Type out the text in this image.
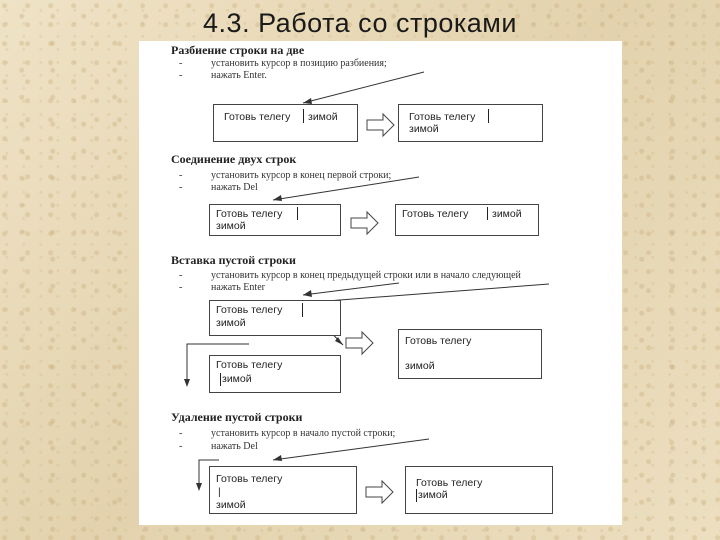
4.3. Работа со строками
Разбиение строки на две
-	установить курсор в позицию разбиения;
-	нажать Enter.
Готовь телегу зимой	Готовь телегу
зимой
Соединение двух строк
-	установить курсор в конец первой строки;
-	нажать Del
Готовь телегу
зимой
Готовь телегу зимой
Вставка пустой строки
-	установить курсор в конец предыдущей строки или в начало следующей
-	нажать Enter
Готовь телегу
зимой
Готовь телегу
зимой
Готовь телегу
зимой
Удаление пустой строки
-	установить курсор в начало пустой строки;
-	нажать Del
Готовь телегу
|
зимой
Готовь телегу
зимой
